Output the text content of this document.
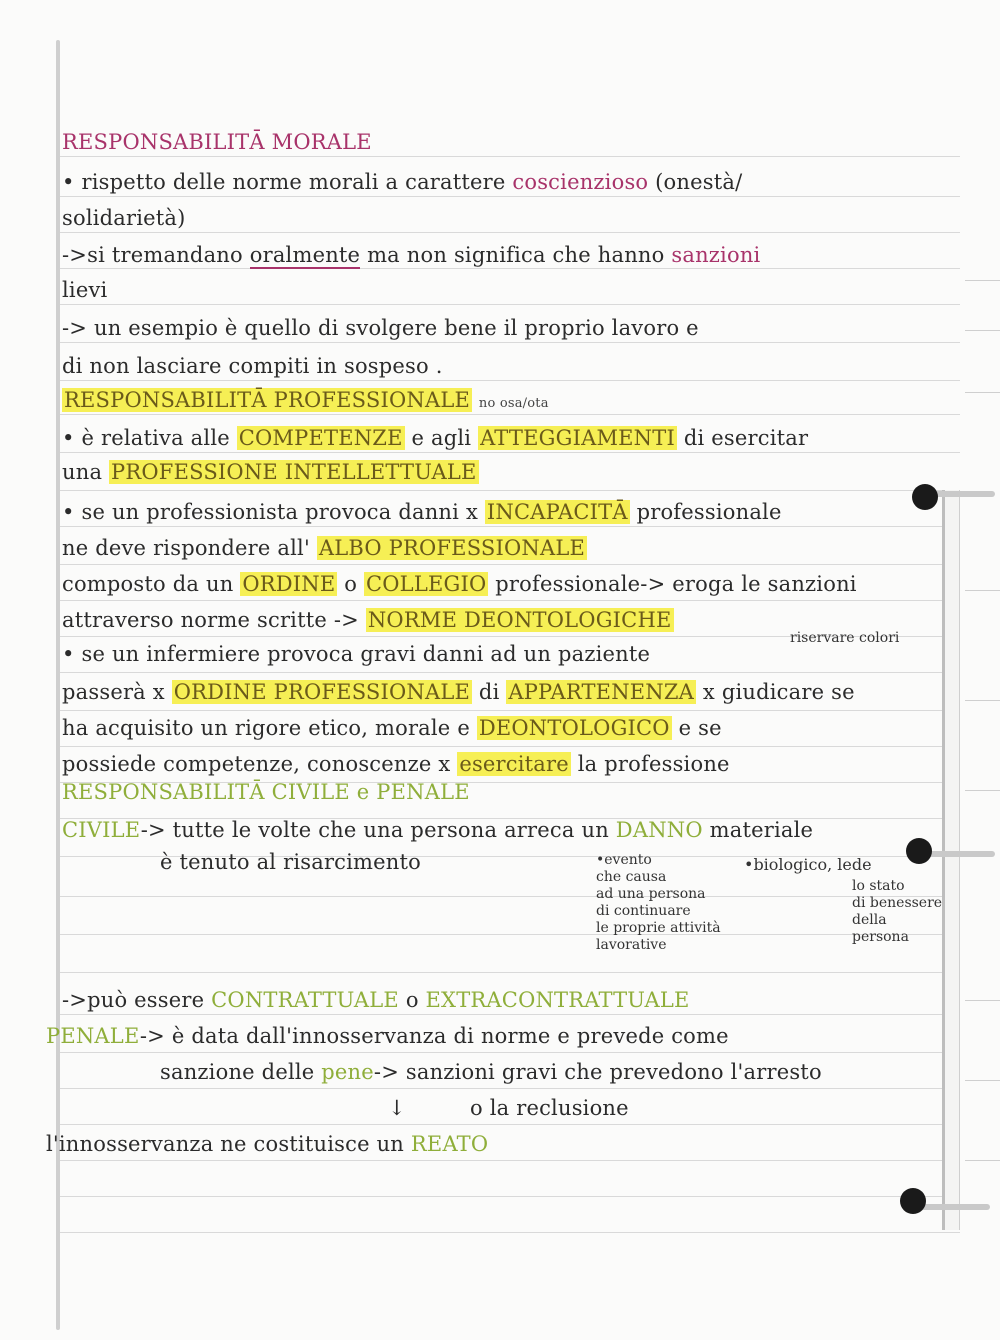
RESPONSABILITĀ MORALE
• rispetto delle norme morali a carattere coscienzioso (onestà/
solidarietà)
->si tremandano oralmente ma non significa che hanno sanzioni
lievi
-> un esempio è quello di svolgere bene il proprio lavoro e
di non lasciare compiti in sospeso .
RESPONSABILITĀ PROFESSIONALE no osa/ota
• è relativa alle COMPETENZE e agli ATTEGGIAMENTI di esercitar
una PROFESSIONE INTELLETTUALE
• se un professionista provoca danni x INCAPACITĀ professionale
ne deve rispondere all' ALBO PROFESSIONALE
composto da un ORDINE o COLLEGIO professionale-> eroga le sanzioni
attraverso norme scritte -> NORME DEONTOLOGICHE
• se un infermiere provoca gravi danni ad un paziente
riservare colori
passerà x ORDINE PROFESSIONALE di APPARTENENZA x giudicare se
ha acquisito un rigore etico, morale e DEONTOLOGICO e se
possiede competenze, conoscenze x esercitare la professione
RESPONSABILITĀ CIVILE e PENALE
CIVILE-> tutte le volte che una persona arreca un DANNO materiale
è tenuto al risarcimento	•evento
che causa
ad una persona
di continuare
le proprie attività
lavorative
•biologico, lede
lo stato
di benessere
della
persona
->può essere CONTRATTUALE o EXTRACONTRATTUALE
PENALE-> è data dall'innosservanza di norme e prevede come
sanzione delle pene-> sanzioni gravi che prevedono l'arresto
↓	o la reclusione
l'innosservanza ne costituisce un REATO
